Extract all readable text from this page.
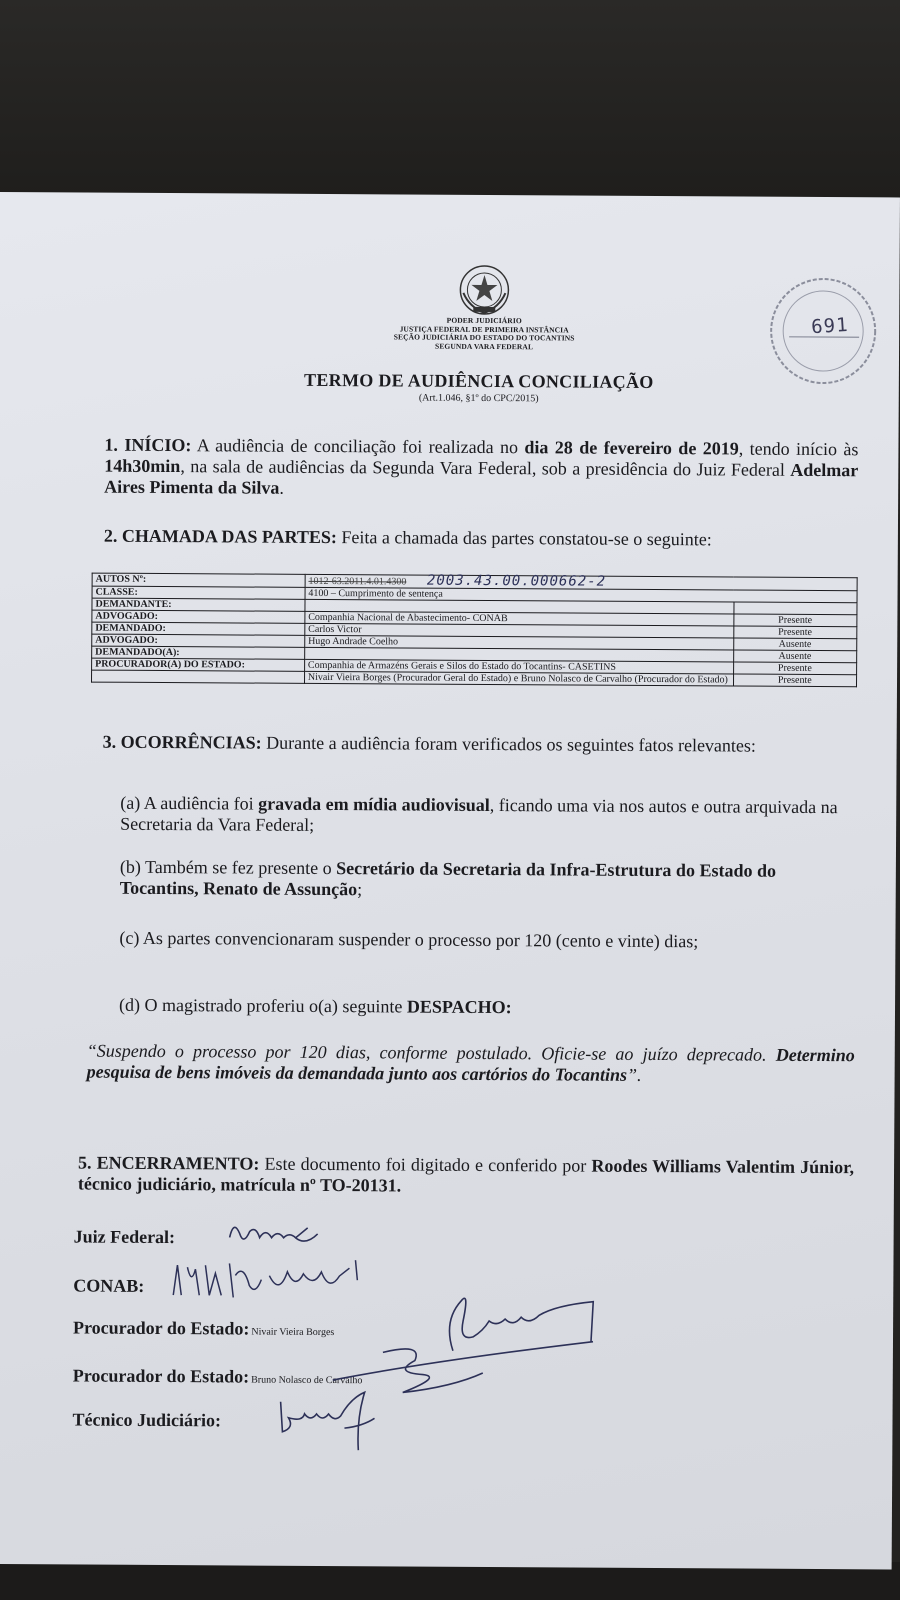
PODER JUDICIÁRIO
JUSTIÇA FEDERAL DE PRIMEIRA INSTÂNCIA
SEÇÃO JUDICIÁRIA DO ESTADO DO TOCANTINS
SEGUNDA VARA FEDERAL
691
TERMO DE AUDIÊNCIA CONCILIAÇÃO
(Art.1.046, §1º do CPC/2015)
1. INÍCIO: A audiência de conciliação foi realizada no dia 28 de fevereiro de 2019, tendo início às 14h30min, na sala de audiências da Segunda Vara Federal, sob a presidência do Juiz Federal Adelmar Aires Pimenta da Silva.
2. CHAMADA DAS PARTES: Feita a chamada das partes constatou-se o seguinte:
AUTOS Nº:	1012-63.2011.4.01.4300 2003.43.00.000662-2	
CLASSE:	4100 – Cumprimento de sentença	
DEMANDANTE:		
ADVOGADO:	Companhia Nacional de Abastecimento- CONAB	Presente
DEMANDADO:	Carlos Victor	Presente
ADVOGADO:	Hugo Andrade Coelho	Ausente
DEMANDADO(A):		Ausente
PROCURADOR(A) DO ESTADO:	Companhia de Armazéns Gerais e Silos do Estado do Tocantins- CASETINS	Presente
	Nivair Vieira Borges (Procurador Geral do Estado) e Bruno Nolasco de Carvalho (Procurador do Estado)	Presente
3. OCORRÊNCIAS: Durante a audiência foram verificados os seguintes fatos relevantes:
(a) A audiência foi gravada em mídia audiovisual, ficando uma via nos autos e outra arquivada na Secretaria da Vara Federal;
(b) Também se fez presente o Secretário da Secretaria da Infra-Estrutura do Estado do Tocantins, Renato de Assunção;
(c) As partes convencionaram suspender o processo por 120 (cento e vinte) dias;
(d) O magistrado proferiu o(a) seguinte DESPACHO:
“Suspendo o processo por 120 dias, conforme postulado. Oficie-se ao juízo deprecado. Determino pesquisa de bens imóveis da demandada junto aos cartórios do Tocantins”.
5. ENCERRAMENTO: Este documento foi digitado e conferido por Roodes Williams Valentim Júnior, técnico judiciário, matrícula nº TO-20131.
Juiz Federal:
CONAB:
Procurador do Estado: Nivair Vieira Borges
Procurador do Estado: Bruno Nolasco de Carvalho
Técnico Judiciário:
